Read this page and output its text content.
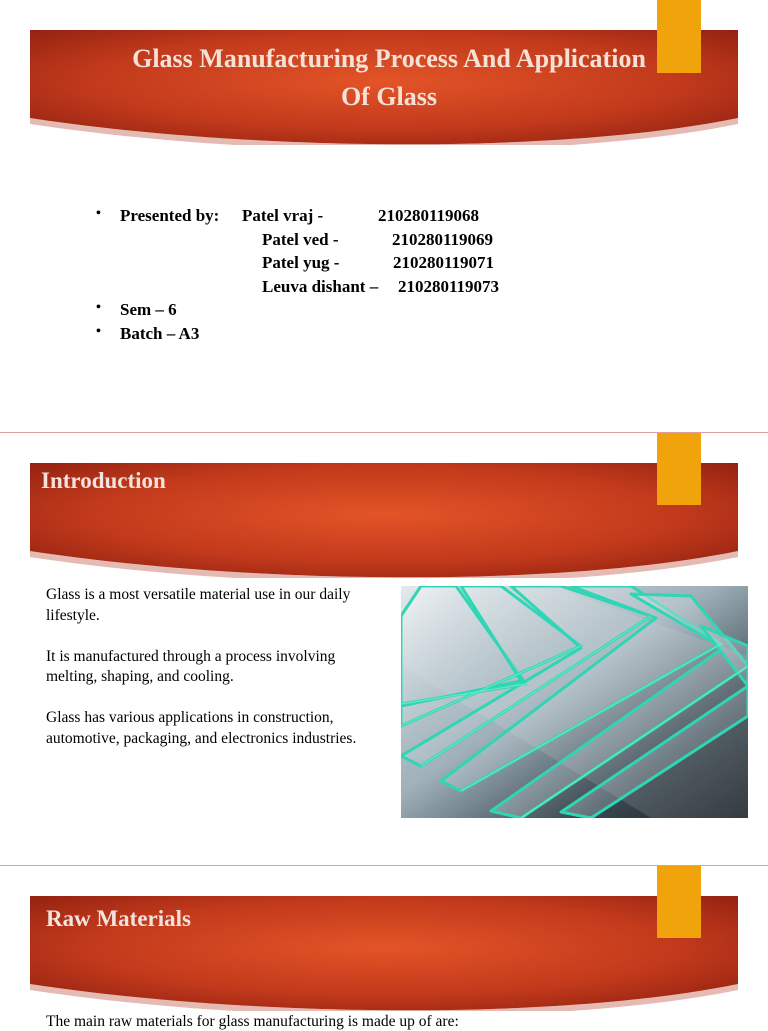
Glass Manufacturing Process And Application
Of Glass
• Presented by: Patel vraj -	210280119068
Patel ved -	210280119069
Patel yug -	210280119071
Leuva dishant – 210280119073
• Sem – 6
• Batch – A3
Introduction

Glass is a most versatile material use in our daily lifestyle.

It is manufactured through a process involving melting, shaping, and cooling.

Glass has various applications in construction, automotive, packaging, and electronics industries.

Raw Materials
The main raw materials for glass manufacturing is made up of are:
